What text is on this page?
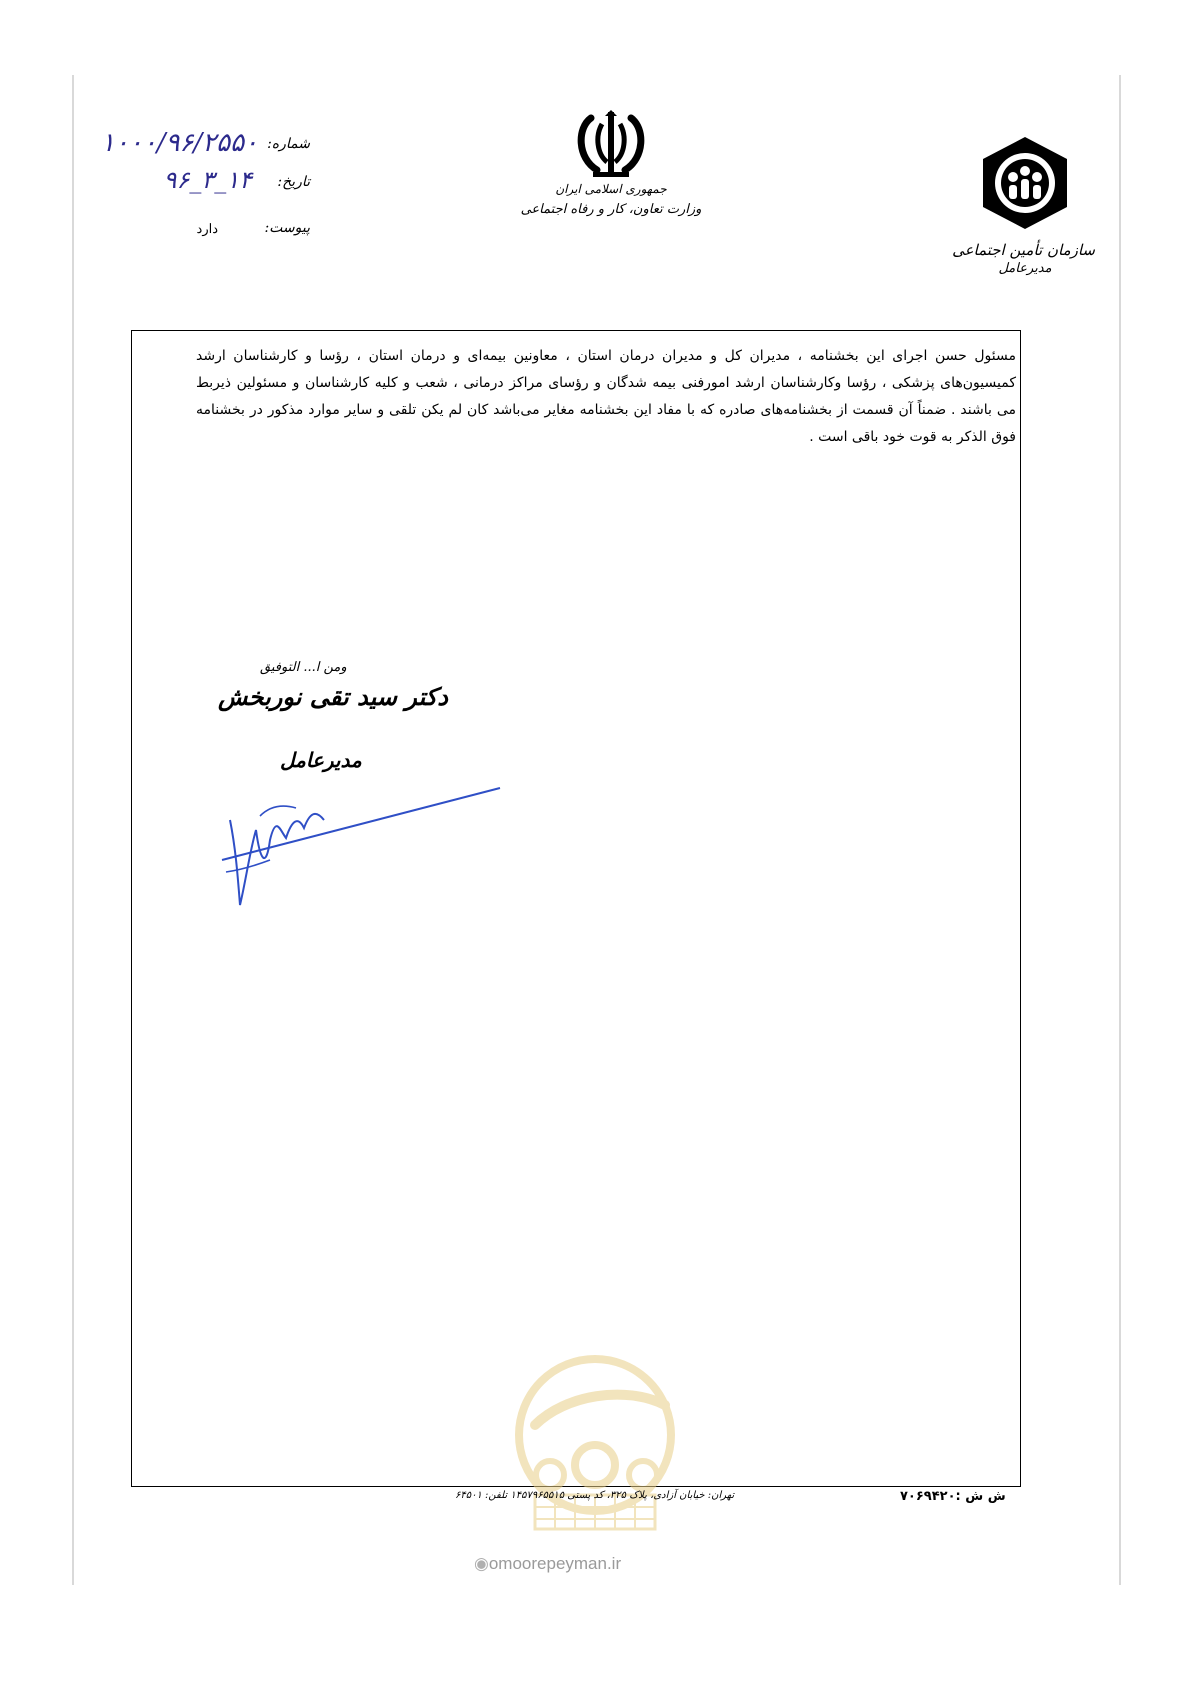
شماره:
۱۰۰۰/۹۶/۲۵۵۰
تاریخ:
۹۶_۳_۱۴
پیوست:
دارد
جمهوری اسلامی ایران
وزارت تعاون، کار و رفاه اجتماعی
سازمان تأمین اجتماعی
مدیرعامل
مسئول حسن اجرای این بخشنامه ، مدیران کل و مدیران درمان استان ، معاونین بیمه‌ای و درمان استان ، رؤسا و کارشناسان ارشد کمیسیون‌های پزشکی ، رؤسا وکارشناسان ارشد امورفنی بیمه شدگان و رؤسای مراکز درمانی ، شعب و کلیه کارشناسان و مسئولین ذیربط می باشند . ضمناً آن قسمت از بخشنامه‌های صادره که با مفاد این بخشنامه مغایر می‌باشد کان لم یکن تلقی و سایر موارد مذکور در بخشنامه فوق الذکر به قوت خود باقی است .
ومن ا... التوفیق
دکتر سید تقی نوربخش
مدیرعامل
ش ش :۷۰۶۹۴۲۰
تهران: خیابان آزادی، پلاک ۳۲۵، کد پستی ۱۴۵۷۹۶۵۵۱۵ تلفن: ۶۴۵۰۱
◉omoorepeyman.ir
